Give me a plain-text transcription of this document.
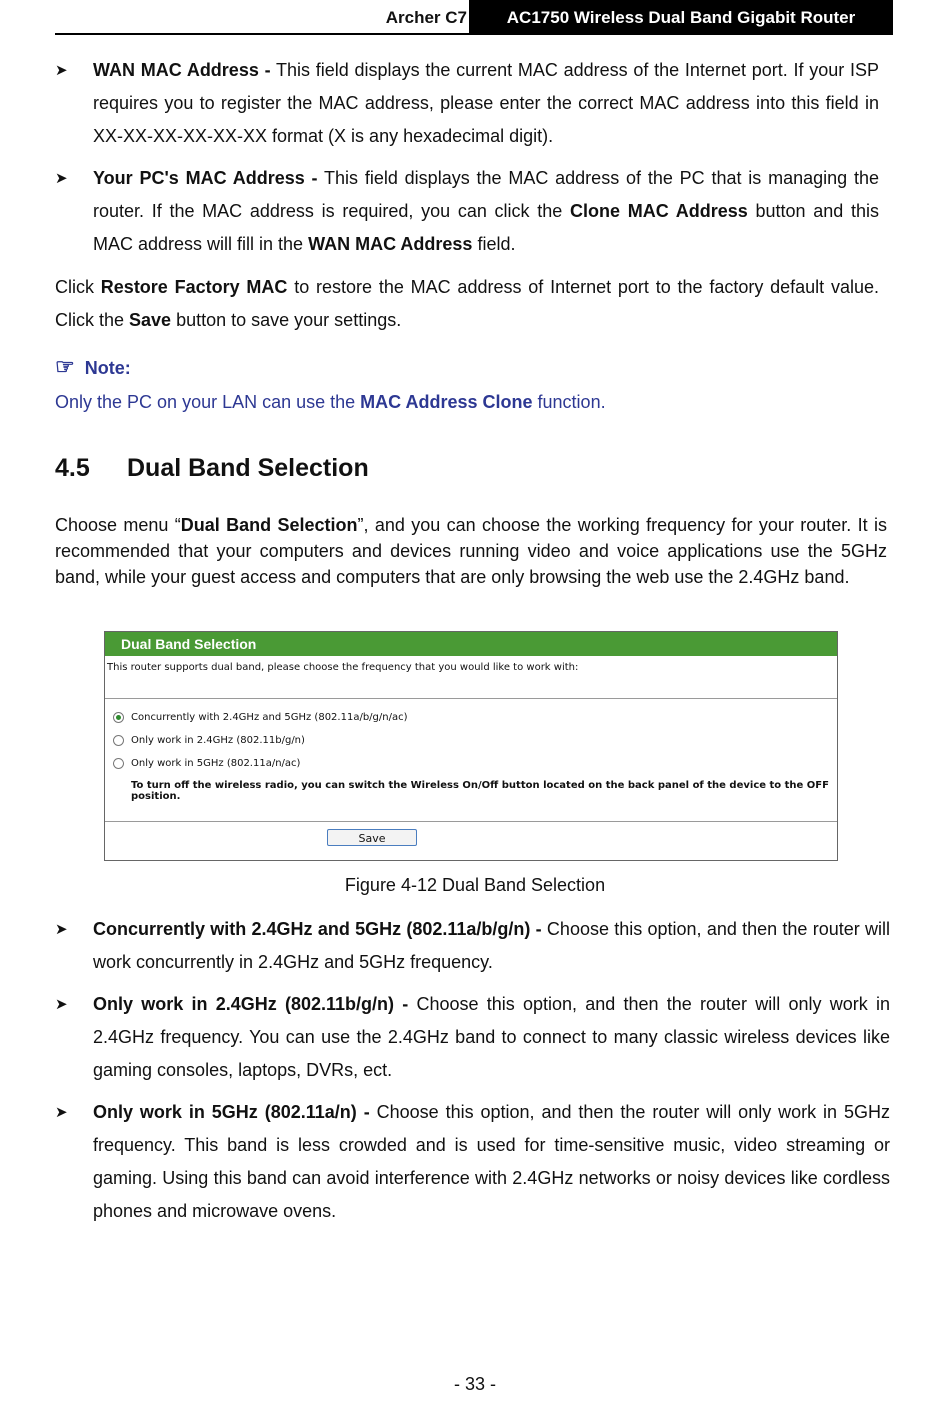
Archer C7	AC1750 Wireless Dual Band Gigabit Router
➤ WAN MAC Address - This field displays the current MAC address of the Internet port. If your ISP requires you to register the MAC address, please enter the correct MAC address into this field in XX-XX-XX-XX-XX-XX format (X is any hexadecimal digit).
➤ Your PC's MAC Address - This field displays the MAC address of the PC that is managing the router. If the MAC address is required, you can click the Clone MAC Address button and this MAC address will fill in the WAN MAC Address field.
Click Restore Factory MAC to restore the MAC address of Internet port to the factory default value. Click the Save button to save your settings.
☞ Note:
Only the PC on your LAN can use the MAC Address Clone function.
4.5 Dual Band Selection
Choose menu “Dual Band Selection”, and you can choose the working frequency for your router. It is recommended that your computers and devices running video and voice applications use the 5GHz band, while your guest access and computers that are only browsing the web use the 2.4GHz band.
Dual Band Selection
This router supports dual band, please choose the frequency that you would like to work with:
Concurrently with 2.4GHz and 5GHz (802.11a/b/g/n/ac)
Only work in 2.4GHz (802.11b/g/n)
Only work in 5GHz (802.11a/n/ac)
To turn off the wireless radio, you can switch the Wireless On/Off button located on the back panel of the device to the OFF position.
Save
Figure 4-12 Dual Band Selection
➤ Concurrently with 2.4GHz and 5GHz (802.11a/b/g/n) - Choose this option, and then the router will work concurrently in 2.4GHz and 5GHz frequency.
➤ Only work in 2.4GHz (802.11b/g/n) - Choose this option, and then the router will only work in 2.4GHz frequency. You can use the 2.4GHz band to connect to many classic wireless devices like gaming consoles, laptops, DVRs, ect.
➤ Only work in 5GHz (802.11a/n) - Choose this option, and then the router will only work in 5GHz frequency. This band is less crowded and is used for time-sensitive music, video streaming or gaming. Using this band can avoid interference with 2.4GHz networks or noisy devices like cordless phones and microwave ovens.
- 33 -
